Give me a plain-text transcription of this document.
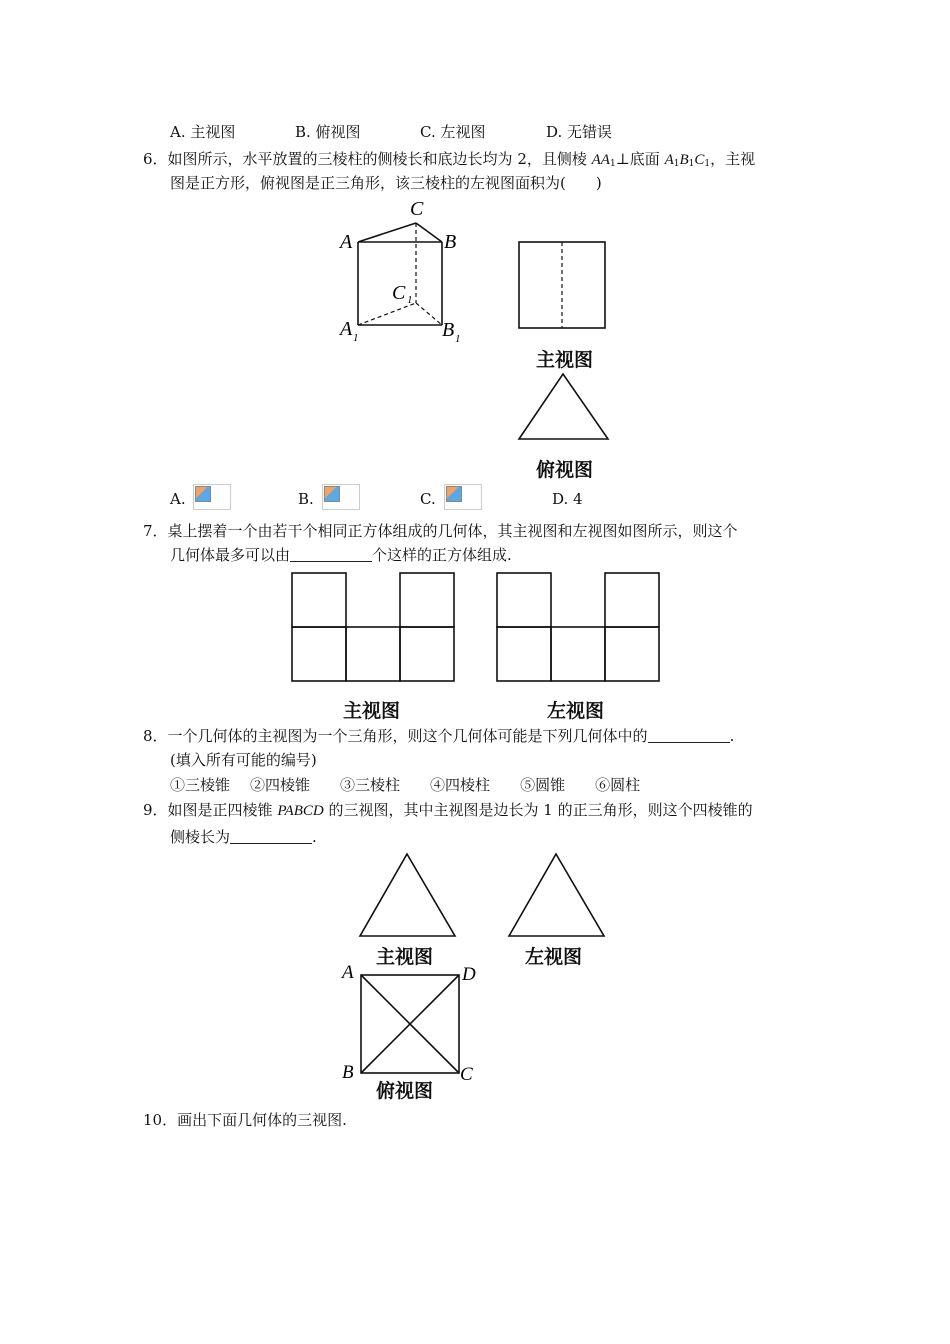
A. 主视图	B. 俯视图	C. 左视图	D. 无错误
6．如图所示，水平放置的三棱柱的侧棱长和底边长均为 2，且侧棱 $AA_1\perp$底面 $A_1B_1C_1$，主视
图是正方形，俯视图是正三角形，该三棱柱的左视图面积为(　　)
C
A	B
C 1
A 1	B 1
主视图
俯视图
A.	B.	C.	D. 4
7．桌上摆着一个由若干个相同正方体组成的几何体，其主视图和左视图如图所示，则这个
几何体最多可以由	个这样的正方体组成.
主视图	左视图
8．一个几何体的主视图为一个三角形，则这个几何体可能是下列几何体中的	.
(填入所有可能的编号)
①三棱锥 ②四棱锥 ③三棱柱 ④四棱柱 ⑤圆锥 ⑥圆柱
9．如图是正四棱锥 PABCD 的三视图，其中主视图是边长为 1 的正三角形，则这个四棱锥的
侧棱长为	.
主视图	左视图
A	D
B	C
俯视图
10．画出下面几何体的三视图.
